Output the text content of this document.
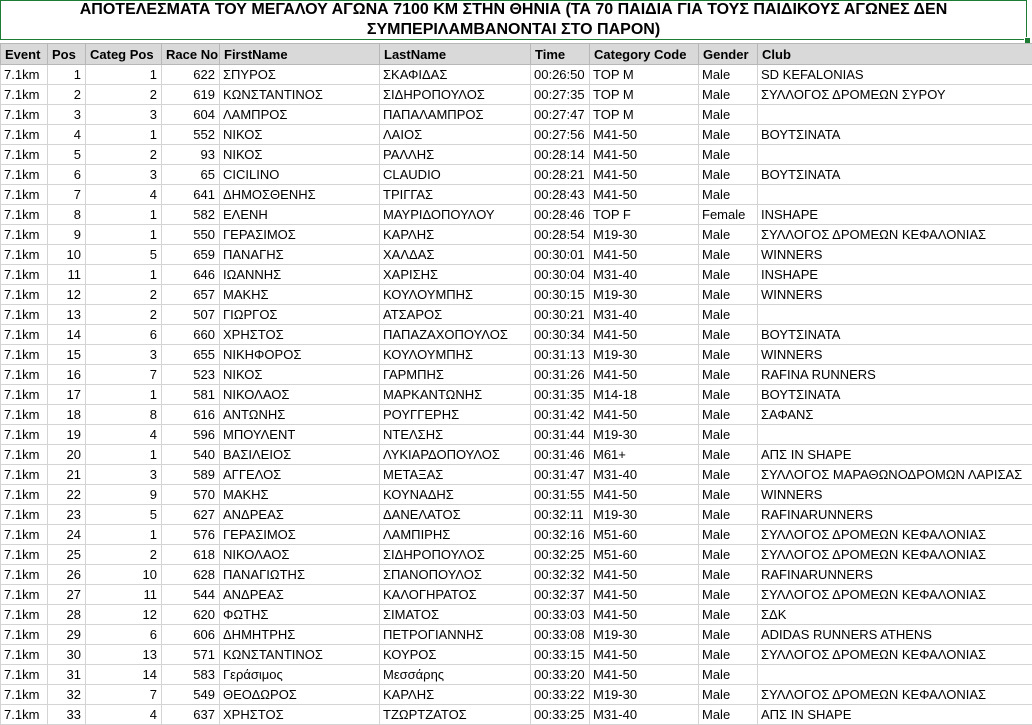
ΑΠΟΤΕΛΕΣΜΑΤΑ ΤΟΥ ΜΕΓΑΛΟΥ ΑΓΩΝΑ 7100 ΚΜ ΣΤΗΝ ΘΗΝΙΑ (ΤΑ 70 ΠΑΙΔΙΑ ΓΙΑ ΤΟΥΣ ΠΑΙΔΙΚΟΥΣ ΑΓΩΝΕΣ ΔΕΝ ΣΥΜΠΕΡΙΛΑΜΒΑΝΟΝΤΑΙ ΣΤΟ ΠΑΡΟΝ)
Event	Pos	Categ Pos	Race No	FirstName	LastName	Time	Category Code	Gender	Club
7.1km	1	1	622	ΣΠΥΡΟΣ	ΣΚΑΦΙΔΑΣ	00:26:50	TOP M	Male	SD KEFALONIAS
7.1km	2	2	619	ΚΩΝΣΤΑΝΤΙΝΟΣ	ΣΙΔΗΡΟΠΟΥΛΟΣ	00:27:35	TOP M	Male	ΣΥΛΛΟΓΟΣ ΔΡΟΜΕΩΝ ΣΥΡΟΥ
7.1km	3	3	604	ΛΑΜΠΡΟΣ	ΠΑΠΑΛΑΜΠΡΟΣ	00:27:47	TOP M	Male	
7.1km	4	1	552	ΝΙΚΟΣ	ΛΑΙΟΣ	00:27:56	M41-50	Male	ΒΟΥΤΣΙΝΑΤΑ
7.1km	5	2	93	ΝΙΚΟΣ	ΡΑΛΛΗΣ	00:28:14	M41-50	Male	
7.1km	6	3	65	CICILINO	CLAUDIO	00:28:21	M41-50	Male	ΒΟΥΤΣΙΝΑΤΑ
7.1km	7	4	641	ΔΗΜΟΣΘΕΝΗΣ	ΤΡΙΓΓΑΣ	00:28:43	M41-50	Male	
7.1km	8	1	582	ΕΛΕΝΗ	ΜΑΥΡΙΔΟΠΟΥΛΟΥ	00:28:46	TOP F	Female	INSHAPE
7.1km	9	1	550	ΓΕΡΑΣΙΜΟΣ	ΚΑΡΛΗΣ	00:28:54	M19-30	Male	ΣΥΛΛΟΓΟΣ ΔΡΟΜΕΩΝ ΚΕΦΑΛΟΝΙΑΣ
7.1km	10	5	659	ΠΑΝΑΓΗΣ	ΧΑΛΔΑΣ	00:30:01	M41-50	Male	WINNERS
7.1km	11	1	646	ΙΩΑΝΝΗΣ	ΧΑΡΙΣΗΣ	00:30:04	M31-40	Male	INSHAPE
7.1km	12	2	657	ΜΑΚΗΣ	ΚΟΥΛΟΥΜΠΗΣ	00:30:15	M19-30	Male	WINNERS
7.1km	13	2	507	ΓΙΩΡΓΟΣ	ΑΤΣΑΡΟΣ	00:30:21	M31-40	Male	
7.1km	14	6	660	ΧΡΗΣΤΟΣ	ΠΑΠΑΖΑΧΟΠΟΥΛΟΣ	00:30:34	M41-50	Male	ΒΟΥΤΣΙΝΑΤΑ
7.1km	15	3	655	ΝΙΚΗΦΟΡΟΣ	ΚΟΥΛΟΥΜΠΗΣ	00:31:13	M19-30	Male	WINNERS
7.1km	16	7	523	ΝΙΚΟΣ	ΓΑΡΜΠΗΣ	00:31:26	M41-50	Male	RAFINA RUNNERS
7.1km	17	1	581	ΝΙΚΟΛΑΟΣ	ΜΑΡΚΑΝΤΩΝΗΣ	00:31:35	M14-18	Male	ΒΟΥΤΣΙΝΑΤΑ
7.1km	18	8	616	ΑΝΤΩΝΗΣ	ΡΟΥΓΓΕΡΗΣ	00:31:42	M41-50	Male	ΣΑΦΑΝΣ
7.1km	19	4	596	ΜΠΟΥΛΕΝΤ	ΝΤΕΛΣΗΣ	00:31:44	M19-30	Male	
7.1km	20	1	540	ΒΑΣΙΛΕΙΟΣ	ΛΥΚΙΑΡΔΟΠΟΥΛΟΣ	00:31:46	M61+	Male	ΑΠΣ IN SHAPE
7.1km	21	3	589	ΑΓΓΕΛΟΣ	ΜΕΤΑΞΑΣ	00:31:47	M31-40	Male	ΣΥΛΛΟΓΟΣ ΜΑΡΑΘΩΝΟΔΡΟΜΩΝ ΛΑΡΙΣΑΣ
7.1km	22	9	570	ΜΑΚΗΣ	ΚΟΥΝΑΔΗΣ	00:31:55	M41-50	Male	WINNERS
7.1km	23	5	627	ΑΝΔΡΕΑΣ	ΔΑΝΕΛΑΤΟΣ	00:32:11	M19-30	Male	RAFINARUNNERS
7.1km	24	1	576	ΓΕΡΑΣΙΜΟΣ	ΛΑΜΠΙΡΗΣ	00:32:16	M51-60	Male	ΣΥΛΛΟΓΟΣ ΔΡΟΜΕΩΝ ΚΕΦΑΛΟΝΙΑΣ
7.1km	25	2	618	ΝΙΚΟΛΑΟΣ	ΣΙΔΗΡΟΠΟΥΛΟΣ	00:32:25	M51-60	Male	ΣΥΛΛΟΓΟΣ ΔΡΟΜΕΩΝ ΚΕΦΑΛΟΝΙΑΣ
7.1km	26	10	628	ΠΑΝΑΓΙΩΤΗΣ	ΣΠΑΝΟΠΟΥΛΟΣ	00:32:32	M41-50	Male	RAFINARUNNERS
7.1km	27	11	544	ΑΝΔΡΕΑΣ	ΚΑΛΟΓΗΡΑΤΟΣ	00:32:37	M41-50	Male	ΣΥΛΛΟΓΟΣ ΔΡΟΜΕΩΝ ΚΕΦΑΛΟΝΙΑΣ
7.1km	28	12	620	ΦΩΤΗΣ	ΣΙΜΑΤΟΣ	00:33:03	M41-50	Male	ΣΔΚ
7.1km	29	6	606	ΔΗΜΗΤΡΗΣ	ΠΕΤΡΟΓΙΑΝΝΗΣ	00:33:08	M19-30	Male	ADIDAS RUNNERS ATHENS
7.1km	30	13	571	ΚΩΝΣΤΑΝΤΙΝΟΣ	ΚΟΥΡΟΣ	00:33:15	M41-50	Male	ΣΥΛΛΟΓΟΣ ΔΡΟΜΕΩΝ ΚΕΦΑΛΟΝΙΑΣ
7.1km	31	14	583	Γεράσιμος	Μεσσάρης	00:33:20	M41-50	Male	
7.1km	32	7	549	ΘΕΟΔΩΡΟΣ	ΚΑΡΛΗΣ	00:33:22	M19-30	Male	ΣΥΛΛΟΓΟΣ ΔΡΟΜΕΩΝ ΚΕΦΑΛΟΝΙΑΣ
7.1km	33	4	637	ΧΡΗΣΤΟΣ	ΤΖΩΡΤΖΑΤΟΣ	00:33:25	M31-40	Male	ΑΠΣ IN SHAPE
